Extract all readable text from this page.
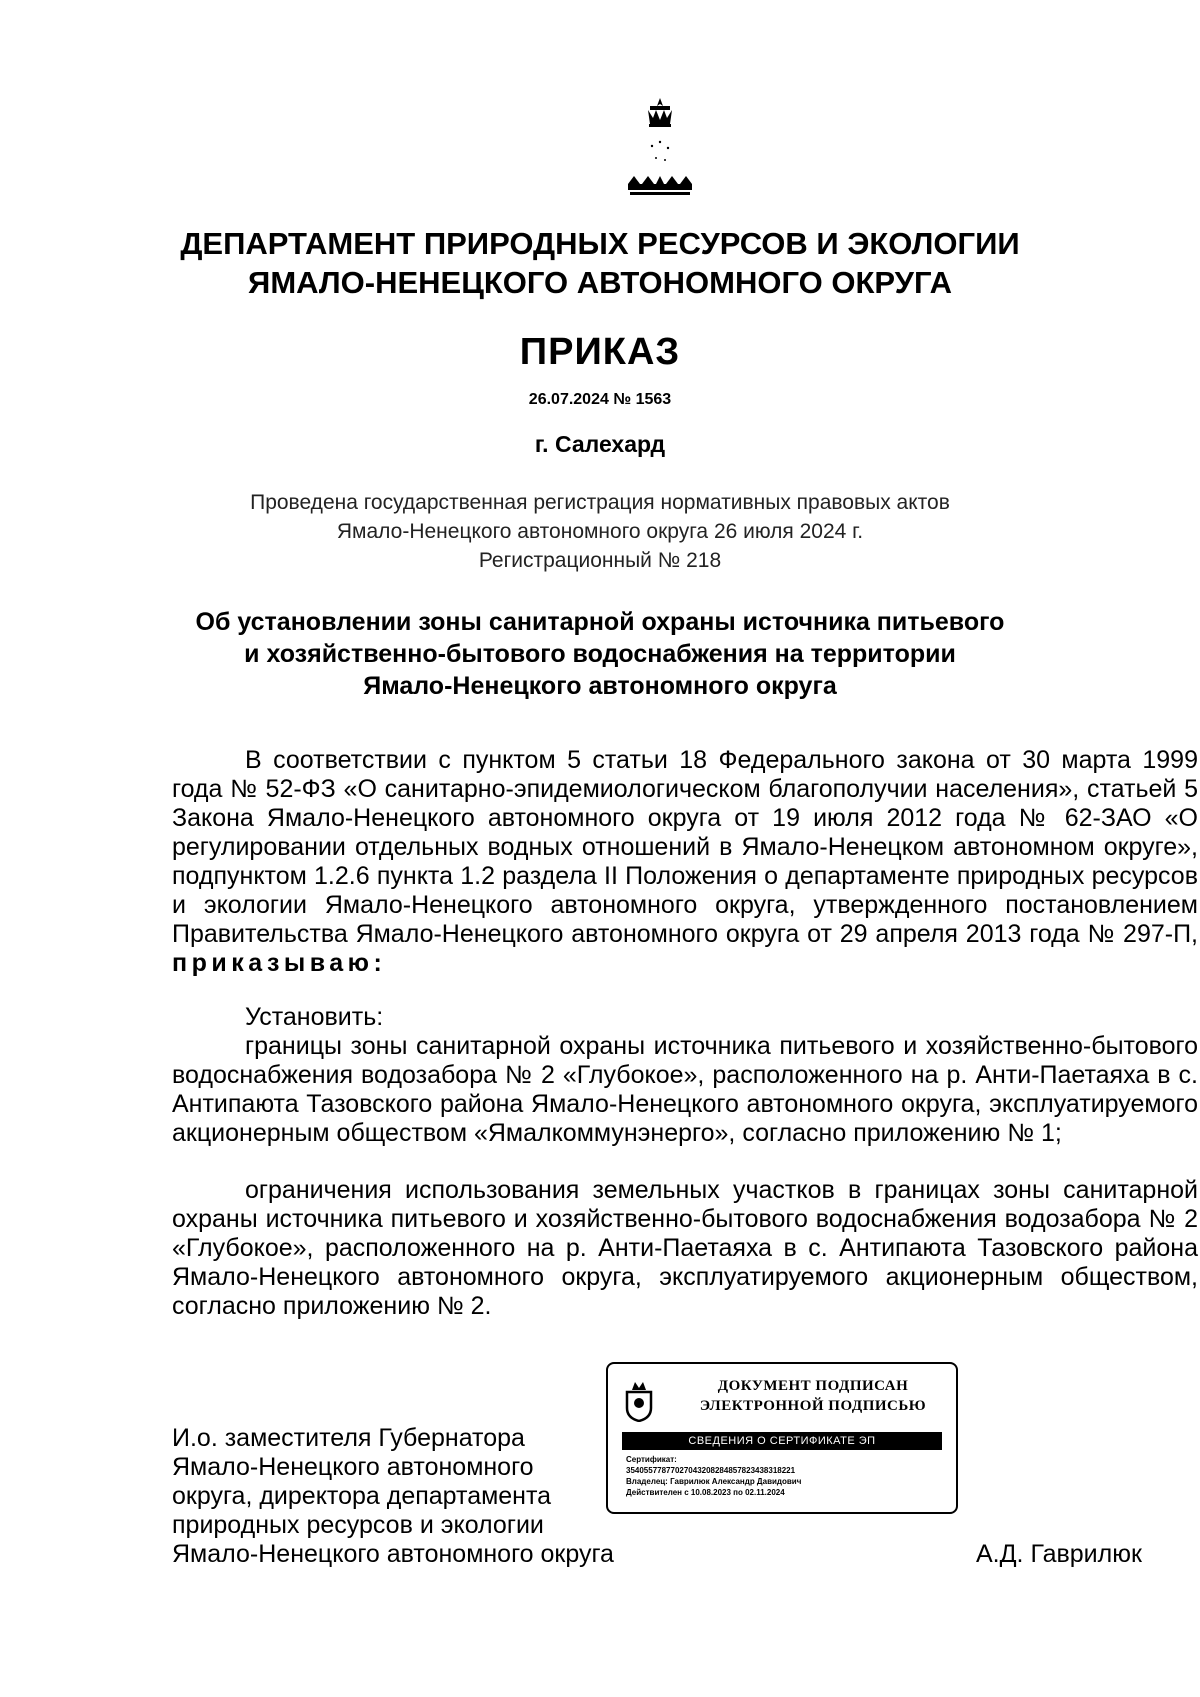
ДЕПАРТАМЕНТ ПРИРОДНЫХ РЕСУРСОВ И ЭКОЛОГИИ
ЯМАЛО-НЕНЕЦКОГО АВТОНОМНОГО ОКРУГА
ПРИКАЗ
26.07.2024 № 1563
г. Салехард
Проведена государственная регистрация нормативных правовых актов
Ямало-Ненецкого автономного округа 26 июля 2024 г.
Регистрационный № 218
Об установлении зоны санитарной охраны источника питьевого
и хозяйственно-бытового водоснабжения на территории
Ямало-Ненецкого автономного округа
В соответствии с пунктом 5 статьи 18 Федерального закона от 30 марта 1999 года № 52-ФЗ «О санитарно-эпидемиологическом благополучии населения», статьей 5 Закона Ямало-Ненецкого автономного округа от 19 июля 2012 года № 62-ЗАО «О регулировании отдельных водных отношений в Ямало-Ненецком автономном округе», подпунктом 1.2.6 пункта 1.2 раздела II Положения о департаменте природных ресурсов и экологии Ямало-Ненецкого автономного округа, утвержденного постановлением Правительства Ямало-Ненецкого автономного округа от 29 апреля 2013 года № 297-П, приказываю:
Установить:
границы зоны санитарной охраны источника питьевого и хозяйственно-бытового водоснабжения водозабора № 2 «Глубокое», расположенного на р. Анти-Паетаяха в с. Антипаюта Тазовского района Ямало-Ненецкого автономного округа, эксплуатируемого акционерным обществом «Ямалкоммунэнерго», согласно приложению № 1;
ограничения использования земельных участков в границах зоны санитарной охраны источника питьевого и хозяйственно-бытового водоснабжения водозабора № 2 «Глубокое», расположенного на р. Анти-Паетаяха в с. Антипаюта Тазовского района Ямало-Ненецкого автономного округа, эксплуатируемого акционерным обществом, согласно приложению № 2.
И.о. заместителя Губернатора
Ямало-Ненецкого автономного
округа, директора департамента
природных ресурсов и экологии
Ямало-Ненецкого автономного округа	А.Д. Гаврилюк
ДОКУМЕНТ ПОДПИСАН
ЭЛЕКТРОННОЙ ПОДПИСЬЮ
СВЕДЕНИЯ О СЕРТИФИКАТЕ ЭП
Сертификат:
354055778770270432082848578234383182​21
Владелец: Гаврилюк Александр Давидович
Действителен с 10.08.2023 по 02.11.2024
